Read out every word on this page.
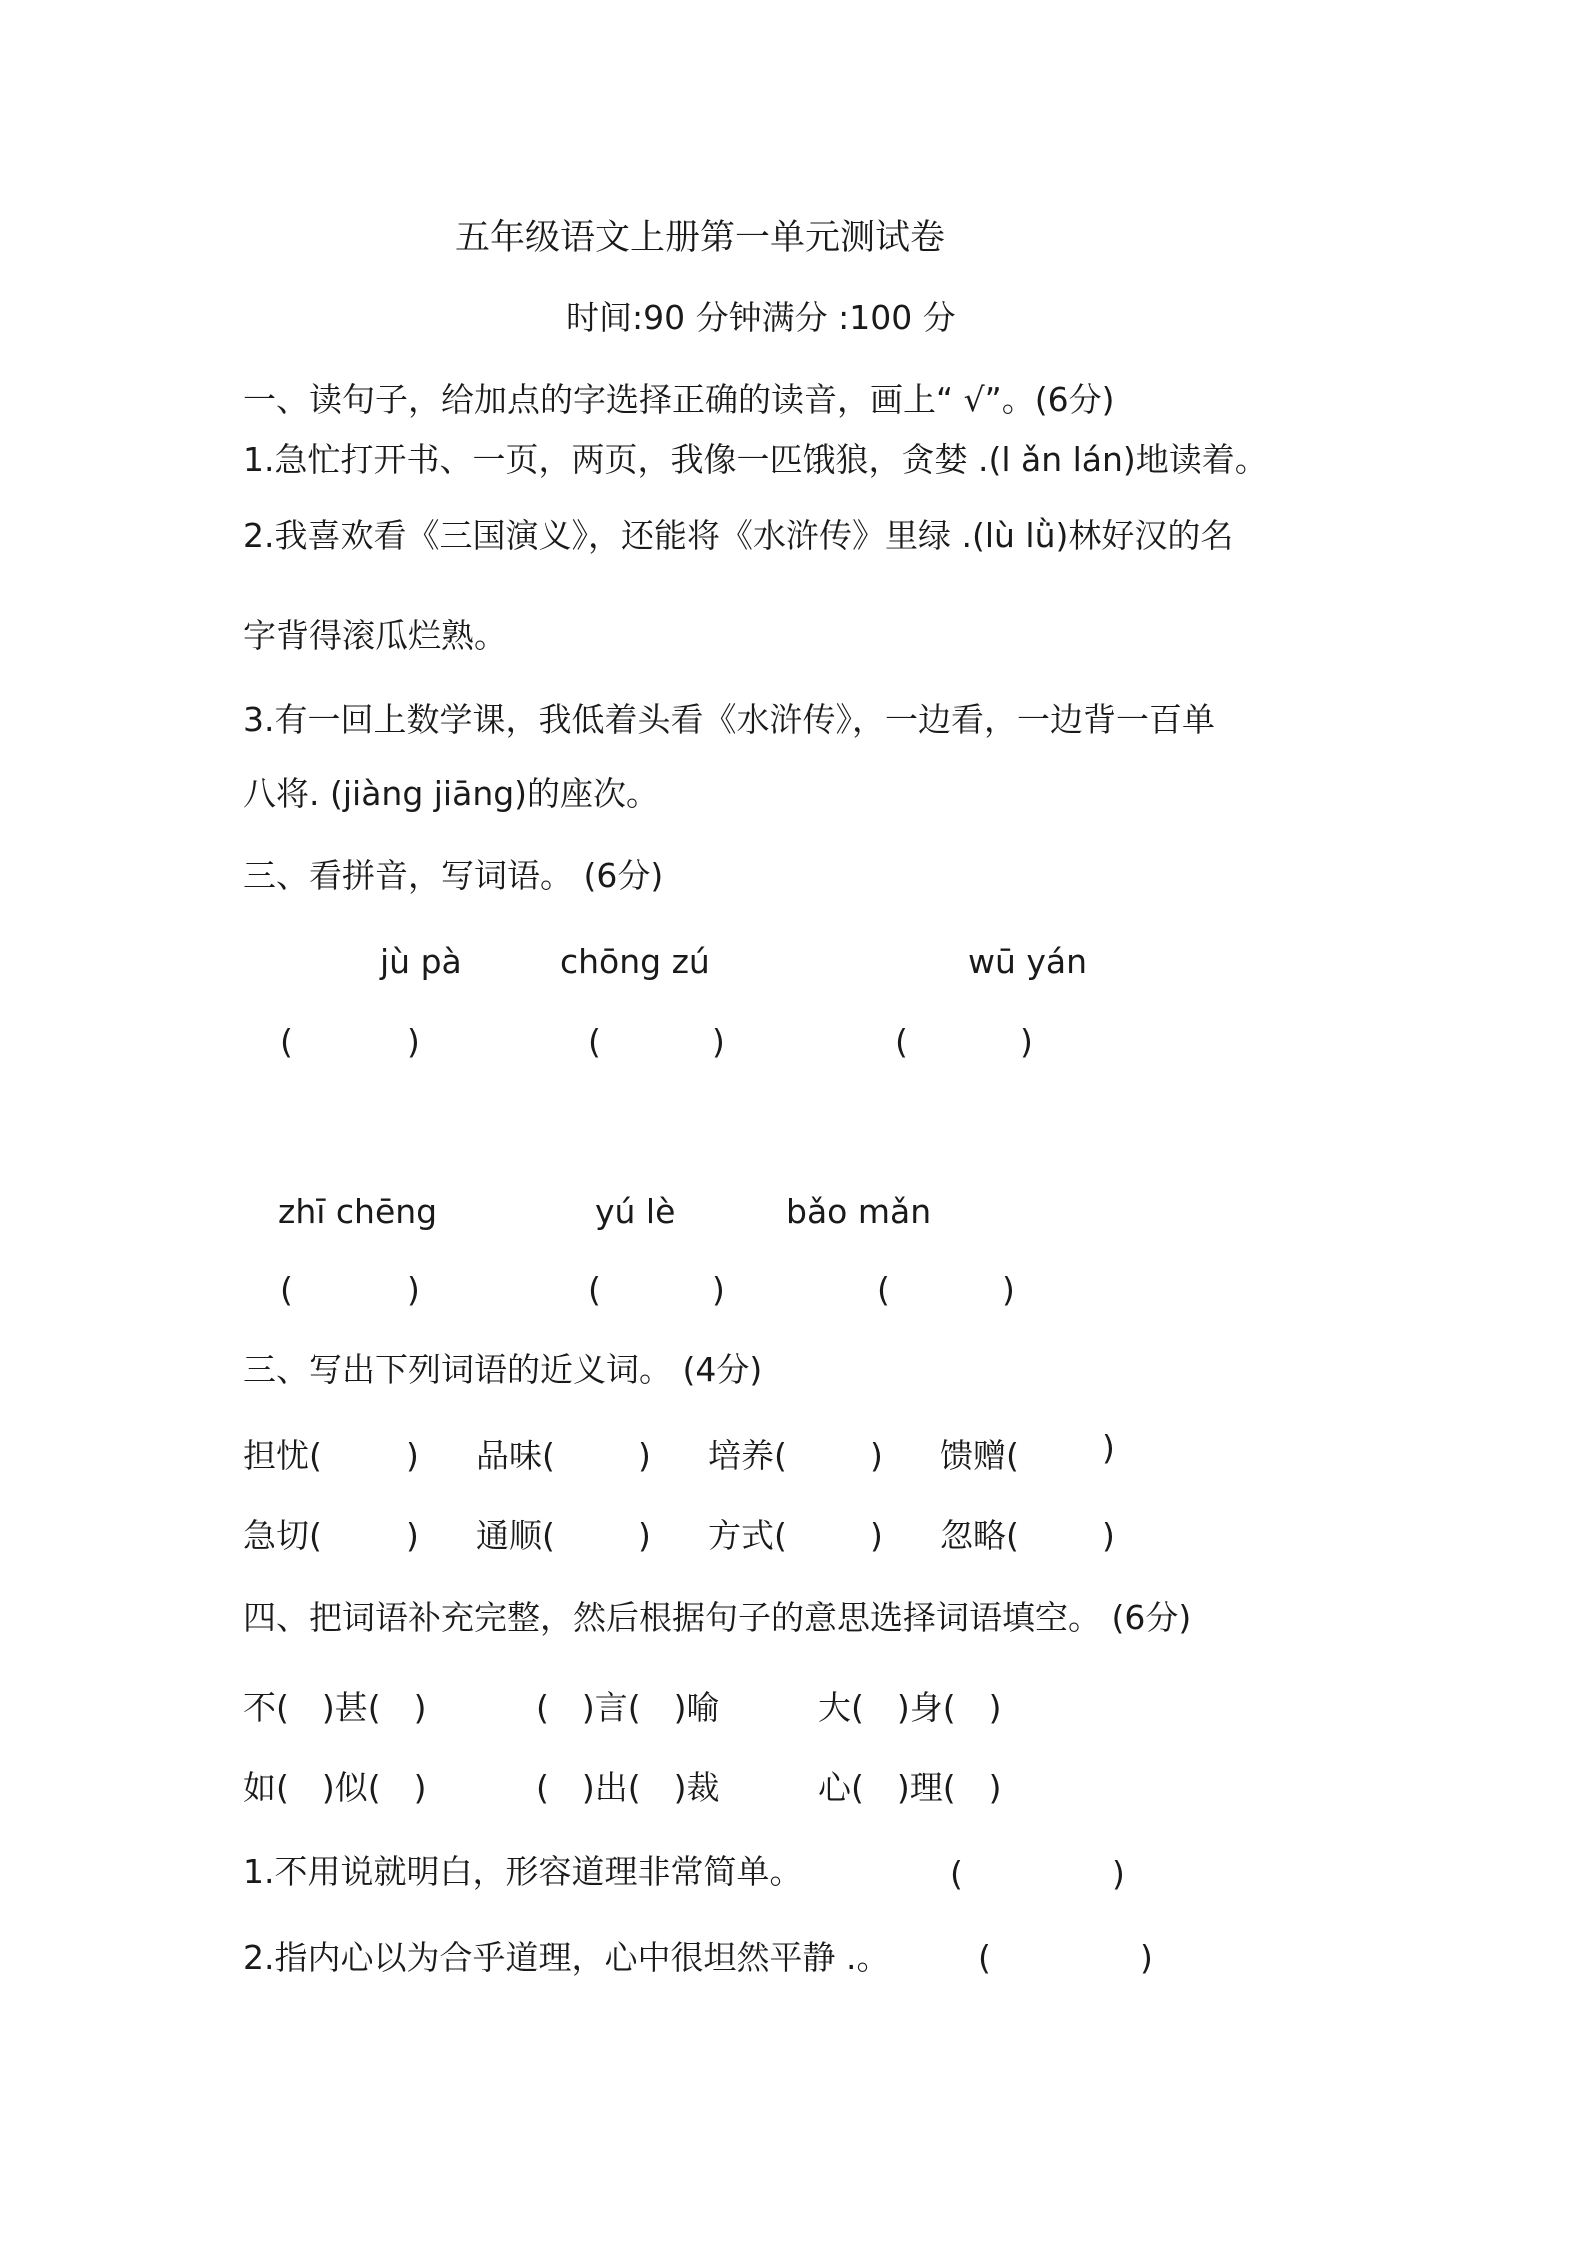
五年级语文上册第一单元测试卷
时间:90 分钟满分 :100 分
一、读句子，给加点的字选择正确的读音，画上“ √”。(6分)
1.急忙打开书、一页，两页，我像一匹饿狼，贪婪 .(l ǎn lán)地读着。
2.我喜欢看《三国演义》，还能将《水浒传》里绿 .(lù lǜ)林好汉的名
字背得滚瓜烂熟。
3.有一回上数学课，我低着头看《水浒传》，一边看，一边背一百单
八将. (jiàng jiāng)的座次。
三、看拼音，写词语。 (6分)
jù pà	chōng zú	wū yán
(	)	(	)	(	)
zhī chēng	yú lè	bǎo mǎn
(	)	(	)	(	)
三、写出下列词语的近义词。 (4分)
担忧(	) 品味(	) 培养(	) 馈赠(	)
急切(	) 通顺(	) 方式(	) 忽略(	)
四、把词语补充完整，然后根据句子的意思选择词语填空。 (6分)
不(　)甚(　)	(　)言(　)喻	大(　)身(　)
如(　)似(　)	(　)出(　)裁	心(　)理(　)
1.不用说就明白，形容道理非常简单。	(	)
2.指内心以为合乎道理，心中很坦然平静 .。	(	)
